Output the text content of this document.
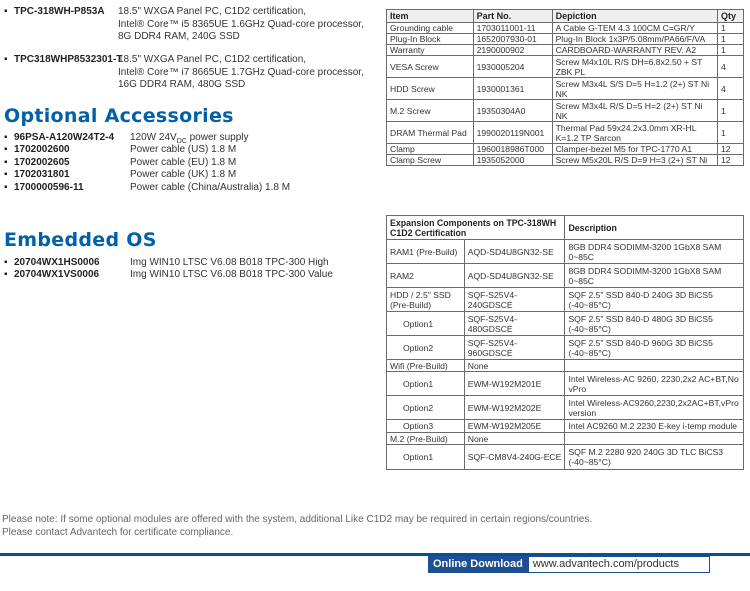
▪ TPC-318WH-P853A 18.5" WXGA Panel PC, C1D2 certification,
Intel® Core™ i5 8365UE 1.6GHz Quad-core processor,
8G DDR4 RAM, 240G SSD
▪ TPC318WHP8532301-T
18.5" WXGA Panel PC, C1D2 certification,
Intel® Core™ i7 8665UE 1.7GHz Quad-core processor,
16G DDR4 RAM, 480G SSD
Optional Accessories
▪ 96PSA-A120W24T2-4 120W $24V_{DC}$ power supply
▪ 1702002600	Power cable (US) 1.8 M
▪ 1702002605	Power cable (EU) 1.8 M
▪ 1702031801	Power cable (UK) 1.8 M
▪ 1700000596-11	Power cable (China/Australia) 1.8 M
Embedded OS
▪ 20704WX1HS0006	Img WIN10 LTSC V6.08 B018 TPC-300 High
▪ 20704WX1VS0006	Img WIN10 LTSC V6.08 B018 TPC-300 Value
Item	Part No.	Depiction	Qty
Grounding cable	1703011001-11	A Cable G-TEM 4.3 100CM C=GR/Y	1
Plug-In Block	1652007930-01	Plug-In Block 1x3P/5.08mm/PA66/F/VA	1
Warranty	2190000902	CARDBOARD-WARRANTY REV. A2	1
VESA Screw	1930005204	Screw M4x10L R/S DH=6.8x2.50 + ST ZBK PL	4
HDD Screw	1930001361	Screw M3x4L S/S D=5 H=1.2 (2+) ST Ni NK	4
M.2 Screw	19350304A0	Screw M3x4L R/S D=5 H=2 (2+) ST Ni NK	1
DRAM Thermal Pad	1990020119N001	Thermal Pad 59x24.2x3.0mm XR-HL K=1.2 TP Sarcon	1
Clamp	1960018986T000	Clamper-bezel M5 for TPC-1770 A1	12
Clamp Screw	1935052000	Screw M5x20L R/S D=9 H=3 (2+) ST Ni	12
Expansion Components on TPC-318WH C1D2 Certification		Description
RAM1 (Pre-Build)	AQD-SD4U8GN32-SE	8GB DDR4 SODIMM-3200 1GbX8 SAM 0~85C
RAM2	AQD-SD4U8GN32-SE	8GB DDR4 SODIMM-3200 1GbX8 SAM 0~85C
HDD / 2.5" SSD (Pre-Build)	SQF-S25V4-240GDSCE	SQF 2.5" SSD 840-D 240G 3D BiCS5 (-40~85°C)
Option1	SQF-S25V4-480GDSCE	SQF 2.5" SSD 840-D 480G 3D BiCS5 (-40~85°C)
Option2	SQF-S25V4-960GDSCE	SQF 2.5" SSD 840-D 960G 3D BiCS5 (-40~85°C)
Wifi (Pre-Build)	None	
Option1	EWM-W192M201E	Intel Wireless-AC 9260, 2230,2x2 AC+BT,No vPro
Option2	EWM-W192M202E	Intel Wireless-AC9260,2230,2x2AC+BT,vPro version
Option3	EWM-W192M205E	Intel AC9260 M.2 2230 E-key i-temp module
M.2 (Pre-Build)	None	
Option1	SQF-CM8V4-240G-ECE	SQF M.2 2280 920 240G 3D TLC BiCS3 (-40~85°C)
Please note: If some optional modules are offered with the system, additional Like C1D2 may be required in certain regions/countries.
Please contact Advantech for certificate compliance.
Online Download www.advantech.com/products
